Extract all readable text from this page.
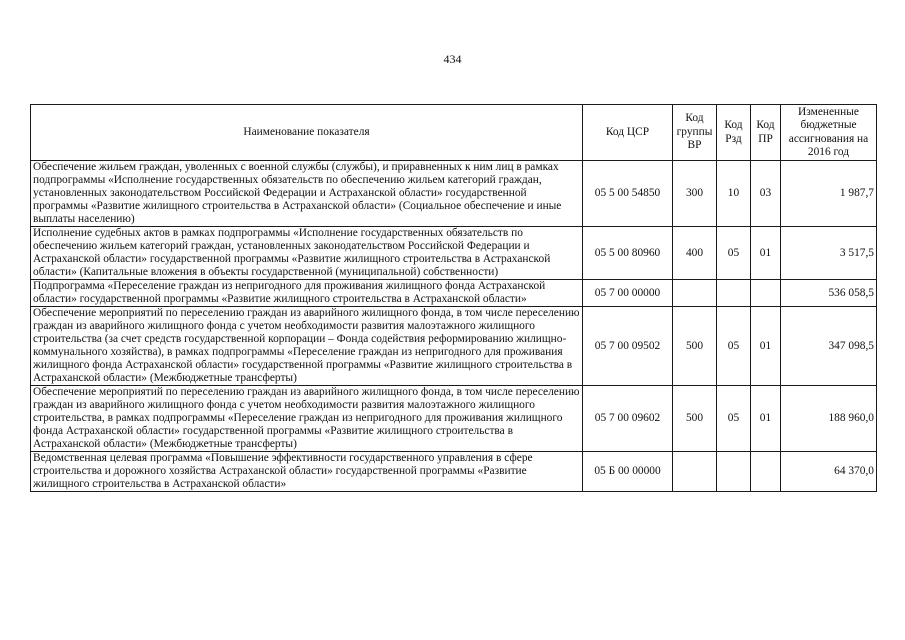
434
Наименование показателя	Код ЦСР	Код группы ВР	Код Рзд	Код ПР	Измененные бюджетные ассигнования на 2016 год
Обеспечение жильем граждан, уволенных с военной службы (службы), и приравненных к ним лиц в рамках подпрограммы «Исполнение государственных обязательств по обеспечению жильем категорий граждан, установленных законодательством Российской Федерации и Астраханской области» государственной программы «Развитие жилищного строительства в Астраханской области» (Социальное обеспечение и иные выплаты населению)	05 5 00 54850	300	10	03	1 987,7
Исполнение судебных актов в рамках подпрограммы «Исполнение государственных обязательств по обеспечению жильем категорий граждан, установленных законодательством Российской Федерации и Астраханской области» государственной программы «Развитие жилищного строительства в Астраханской области» (Капитальные вложения в объекты государственной (муниципальной) собственности)	05 5 00 80960	400	05	01	3 517,5
Подпрограмма «Переселение граждан из непригодного для проживания жилищного фонда Астраханской области» государственной программы «Развитие жилищного строительства в Астраханской области»	05 7 00 00000				536 058,5
Обеспечение мероприятий по переселению граждан из аварийного жилищного фонда, в том числе переселению граждан из аварийного жилищного фонда с учетом необходимости развития малоэтажного жилищного строительства (за счет средств государственной корпорации – Фонда содействия реформированию жилищно-коммунального хозяйства), в рамках подпрограммы «Переселение граждан из непригодного для проживания жилищного фонда Астраханской области» государственной программы «Развитие жилищного строительства в Астраханской области» (Межбюджетные трансферты)	05 7 00 09502	500	05	01	347 098,5
Обеспечение мероприятий по переселению граждан из аварийного жилищного фонда, в том числе переселению граждан из аварийного жилищного фонда с учетом необходимости развития малоэтажного жилищного строительства, в рамках подпрограммы «Переселение граждан из непригодного для проживания жилищного фонда Астраханской области» государственной программы «Развитие жилищного строительства в Астраханской области» (Межбюджетные трансферты)	05 7 00 09602	500	05	01	188 960,0
Ведомственная целевая программа «Повышение эффективности государственного управления в сфере строительства и дорожного хозяйства Астраханской области» государственной программы «Развитие жилищного строительства в Астраханской области»	05 Б 00 00000				64 370,0
